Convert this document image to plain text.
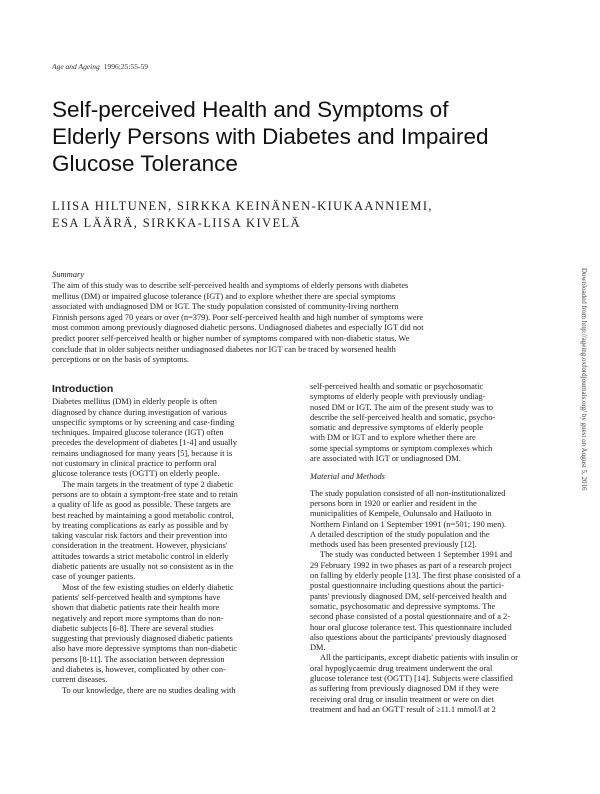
Age and Ageing 1996;25:55-59
Self-perceived Health and Symptoms of
Elderly Persons with Diabetes and Impaired
Glucose Tolerance
LIISA HILTUNEN, SIRKKA KEINÄNEN-KIUKAANNIEMI,
ESA LÄÄRÄ, SIRKKA-LIISA KIVELÄ
Summary
The aim of this study was to describe self-perceived health and symptoms of elderly persons with diabetes
mellitus (DM) or impaired glucose tolerance (IGT) and to explore whether there are special symptoms
associated with undiagnosed DM or IGT. The study population consisted of community-living northern
Finnish persons aged 70 years or over (n=379). Poor self-perceived health and high number of symptoms were
most common among previously diagnosed diabetic persons. Undiagnosed diabetes and especially IGT did not
predict poorer self-perceived health or higher number of symptoms compared with non-diabetic status. We
conclude that in older subjects neither undiagnosed diabetes nor IGT can be traced by worsened health
perceptions or on the basis of symptoms.
Introduction
Diabetes mellitus (DM) in elderly people is often
diagnosed by chance during investigation of various
unspecific symptoms or by screening and case-finding
techniques. Impaired glucose tolerance (IGT) often
precedes the development of diabetes [1-4] and usually
remains undiagnosed for many years [5], because it is
not customary in clinical practice to perform oral
glucose tolerance tests (OGTT) on elderly people.
The main targets in the treatment of type 2 diabetic
persons are to obtain a symptom-free state and to retain
a quality of life as good as possible. These targets are
best reached by maintaining a good metabolic control,
by treating complications as early as possible and by
taking vascular risk factors and their prevention into
consideration in the treatment. However, physicians'
attitudes towards a strict metabolic control in elderly
diabetic patients are usually not so consistent as in the
case of younger patients.
Most of the few existing studies on elderly diabetic
patients' self-perceived health and symptoms have
shown that diabetic patients rate their health more
negatively and report more symptoms than do non-
diabetic subjects [6-8]. There are several studies
suggesting that previously diagnosed diabetic patients
also have more depressive symptoms than non-diabetic
persons [8-11]. The association between depression
and diabetes is, however, complicated by other con-
current diseases.
To our knowledge, there are no studies dealing with
self-perceived health and somatic or psychosomatic
symptoms of elderly people with previously undiag-
nosed DM or IGT. The aim of the present study was to
describe the self-perceived health and somatic, psycho-
somatic and depressive symptoms of elderly people
with DM or IGT and to explore whether there are
some special symptoms or symptom complexes which
are associated with IGT or undiagnosed DM.
Material and Methods
The study population consisted of all non-institutionalized
persons born in 1920 or earlier and resident in the
municipalities of Kempele, Oulunsalo and Hailuoto in
Northern Finland on 1 September 1991 (n=501; 190 men).
A detailed description of the study population and the
methods used has been presented previously [12].
The study was conducted between 1 September 1991 and
29 February 1992 in two phases as part of a research project
on falling by elderly people [13]. The first phase consisted of a
postal questionnaire including questions about the partici-
pants' previously diagnosed DM, self-perceived health and
somatic, psychosomatic and depressive symptoms. The
second phase consisted of a postal questionnaire and of a 2-
hour oral glucose tolerance test. This questionnaire included
also questions about the participants' previously diagnosed
DM.
All the participants, except diabetic patients with insulin or
oral hypoglycaemic drug treatment underwent the oral
glucose tolerance test (OGTT) [14]. Subjects were classified
as suffering from previously diagnosed DM if they were
receiving oral drug or insulin treatment or were on diet
treatment and had an OGTT result of ≥11.1 mmol/l at 2
Downloaded from http://ageing.oxfordjournals.org/ by guest on August 5, 2016
